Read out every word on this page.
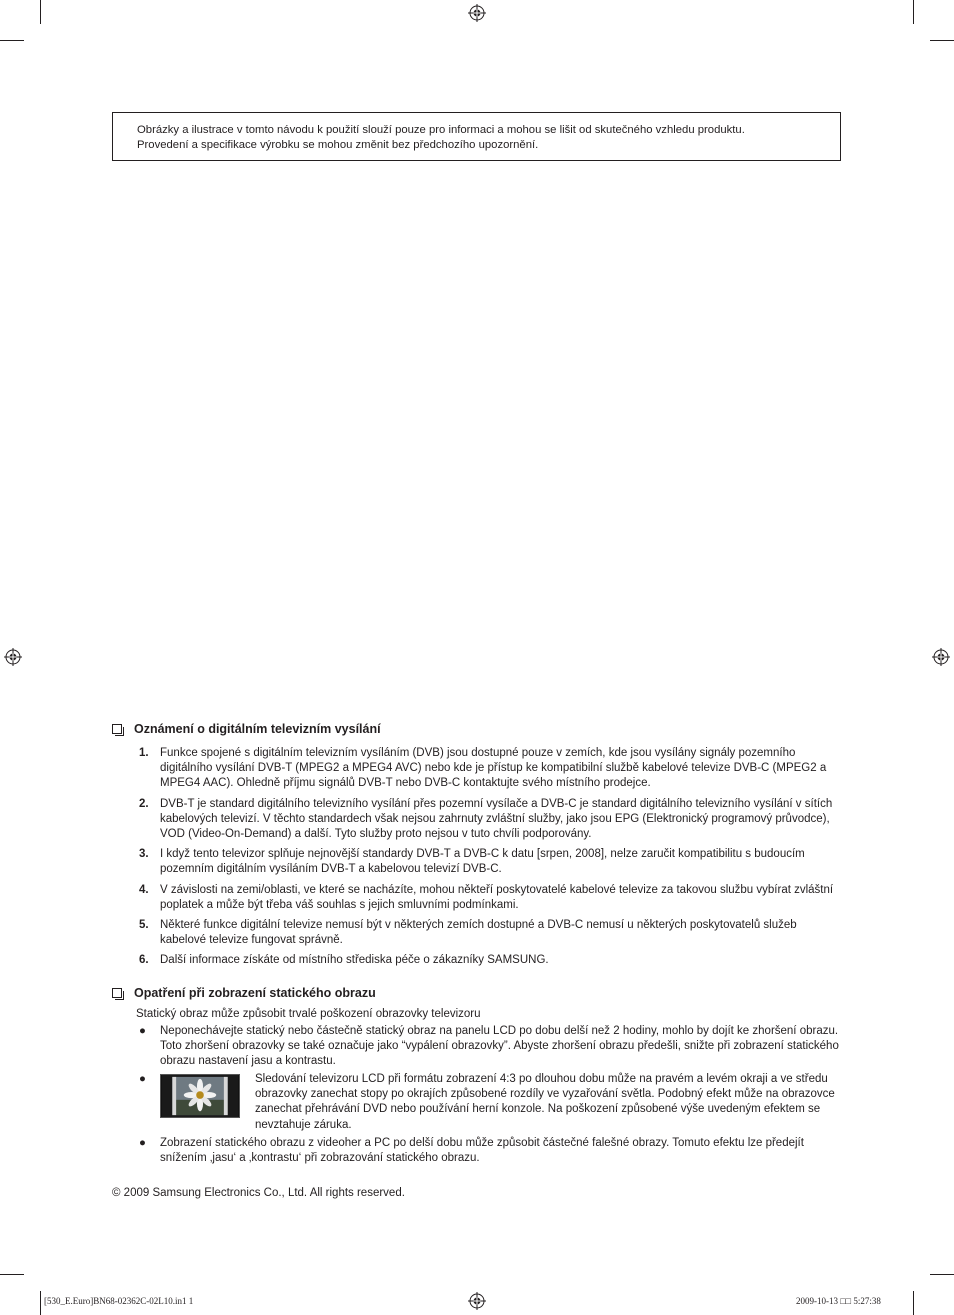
Obrázky a ilustrace v tomto návodu k použití slouží pouze pro informaci a mohou se lišit od skutečného vzhledu produktu.
Provedení a specifikace výrobku se mohou změnit bez předchozího upozornění.
Oznámení o digitálním televizním vysílání
1. Funkce spojené s digitálním televizním vysíláním (DVB) jsou dostupné pouze v zemích, kde jsou vysílány signály pozemního digitálního vysílání DVB-T (MPEG2 a MPEG4 AVC) nebo kde je přístup ke kompatibilní službě kabelové televize DVB-C (MPEG2 a MPEG4 AAC). Ohledně příjmu signálů DVB-T nebo DVB-C kontaktujte svého místního prodejce.
2. DVB-T je standard digitálního televizního vysílání přes pozemní vysílače a DVB-C je standard digitálního televizního vysílání v sítích kabelových televizí. V těchto standardech však nejsou zahrnuty zvláštní služby, jako jsou EPG (Elektronický programový průvodce), VOD (Video-On-Demand) a další. Tyto služby proto nejsou v tuto chvíli podporovány.
3. I když tento televizor splňuje nejnovější standardy DVB-T a DVB-C k datu [srpen, 2008], nelze zaručit kompatibilitu s budoucím pozemním digitálním vysíláním DVB-T a kabelovou televizí DVB-C.
4. V závislosti na zemi/oblasti, ve které se nacházíte, mohou někteří poskytovatelé kabelové televize za takovou službu vybírat zvláštní poplatek a může být třeba váš souhlas s jejich smluvními podmínkami.
5. Některé funkce digitální televize nemusí být v některých zemích dostupné a DVB-C nemusí u některých poskytovatelů služeb kabelové televize fungovat správně.
6. Další informace získáte od místního střediska péče o zákazníky SAMSUNG.
Opatření při zobrazení statického obrazu
Statický obraz může způsobit trvalé poškození obrazovky televizoru
● Neponechávejte statický nebo částečně statický obraz na panelu LCD po dobu delší než 2 hodiny, mohlo by dojít ke zhoršení obrazu. Toto zhoršení obrazovky se také označuje jako “vypálení obrazovky”. Abyste zhoršení obrazu předešli, snižte při zobrazení statického obrazu nastavení jasu a kontrastu.
●	Sledování televizoru LCD při formátu zobrazení 4:3 po dlouhou dobu může na pravém a levém okraji a ve středu obrazovky zanechat stopy po okrajích způsobené rozdíly ve vyzařování světla. Podobný efekt může na obrazovce zanechat přehrávání DVD nebo používání herní konzole. Na poškození způsobené výše uvedeným efektem se nevztahuje záruka.
● Zobrazení statického obrazu z videoher a PC po delší dobu může způsobit částečné falešné obrazy. Tomuto efektu lze předejít snížením ‚jasu‘ a ‚kontrastu‘ při zobrazování statického obrazu.
© 2009 Samsung Electronics Co., Ltd. All rights reserved.
[530_E.Euro]BN68-02362C-02L10.in1 1	2009-10-13 □□ 5:27:38
